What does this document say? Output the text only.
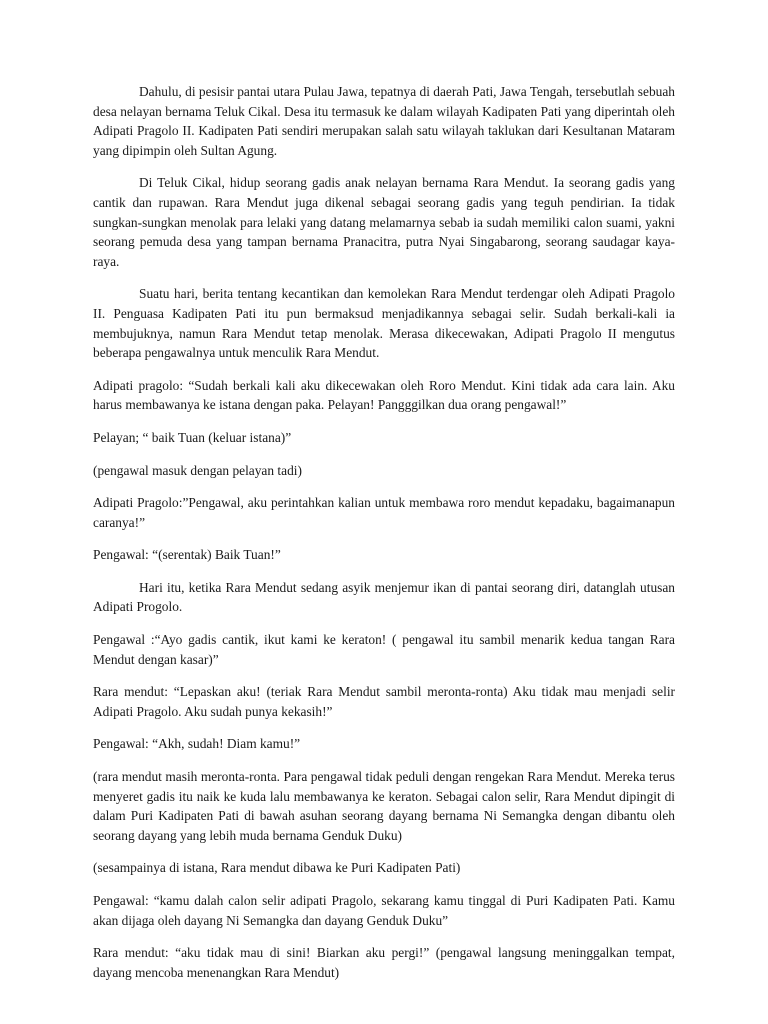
Dahulu, di pesisir pantai utara Pulau Jawa, tepatnya di daerah Pati, Jawa Tengah, tersebutlah sebuah desa nelayan bernama Teluk Cikal. Desa itu termasuk ke dalam wilayah Kadipaten Pati yang diperintah oleh Adipati Pragolo II. Kadipaten Pati sendiri merupakan salah satu wilayah taklukan dari Kesultanan Mataram yang dipimpin oleh Sultan Agung.

Di Teluk Cikal, hidup seorang gadis anak nelayan bernama Rara Mendut. Ia seorang gadis yang cantik dan rupawan. Rara Mendut juga dikenal sebagai seorang gadis yang teguh pendirian. Ia tidak sungkan-sungkan menolak para lelaki yang datang melamarnya sebab ia sudah memiliki calon suami, yakni seorang pemuda desa yang tampan bernama Pranacitra, putra Nyai Singabarong, seorang saudagar kaya-raya.

Suatu hari, berita tentang kecantikan dan kemolekan Rara Mendut terdengar oleh Adipati Pragolo II. Penguasa Kadipaten Pati itu pun bermaksud menjadikannya sebagai selir. Sudah berkali-kali ia membujuknya, namun Rara Mendut tetap menolak. Merasa dikecewakan, Adipati Pragolo II mengutus beberapa pengawalnya untuk menculik Rara Mendut.

Adipati pragolo: “Sudah berkali kali aku dikecewakan oleh Roro Mendut. Kini tidak ada cara lain. Aku harus membawanya ke istana dengan paka. Pelayan! Pangggilkan dua orang pengawal!”

Pelayan; “ baik Tuan (keluar istana)”

(pengawal masuk dengan pelayan tadi)

Adipati Pragolo:”Pengawal, aku perintahkan kalian untuk membawa roro mendut kepadaku, bagaimanapun caranya!”

Pengawal: “(serentak) Baik Tuan!”

Hari itu, ketika Rara Mendut sedang asyik menjemur ikan di pantai seorang diri, datanglah utusan Adipati Progolo.

Pengawal :“Ayo gadis cantik, ikut kami ke keraton! ( pengawal itu sambil menarik kedua tangan Rara Mendut dengan kasar)”

Rara mendut: “Lepaskan aku! (teriak Rara Mendut sambil meronta-ronta) Aku tidak mau menjadi selir Adipati Pragolo. Aku sudah punya kekasih!”

Pengawal: “Akh, sudah! Diam kamu!”

(rara mendut masih meronta-ronta. Para pengawal tidak peduli dengan rengekan Rara Mendut. Mereka terus menyeret gadis itu naik ke kuda lalu membawanya ke keraton. Sebagai calon selir, Rara Mendut dipingit di dalam Puri Kadipaten Pati di bawah asuhan seorang dayang bernama Ni Semangka dengan dibantu oleh seorang dayang yang lebih muda bernama Genduk Duku)

(sesampainya di istana, Rara mendut dibawa ke Puri Kadipaten Pati)

Pengawal: “kamu dalah calon selir adipati Pragolo, sekarang kamu tinggal di Puri Kadipaten Pati. Kamu akan dijaga oleh dayang Ni Semangka dan dayang Genduk Duku”

Rara mendut: “aku tidak mau di sini! Biarkan aku pergi!” (pengawal langsung meninggalkan tempat, dayang mencoba menenangkan Rara Mendut)
